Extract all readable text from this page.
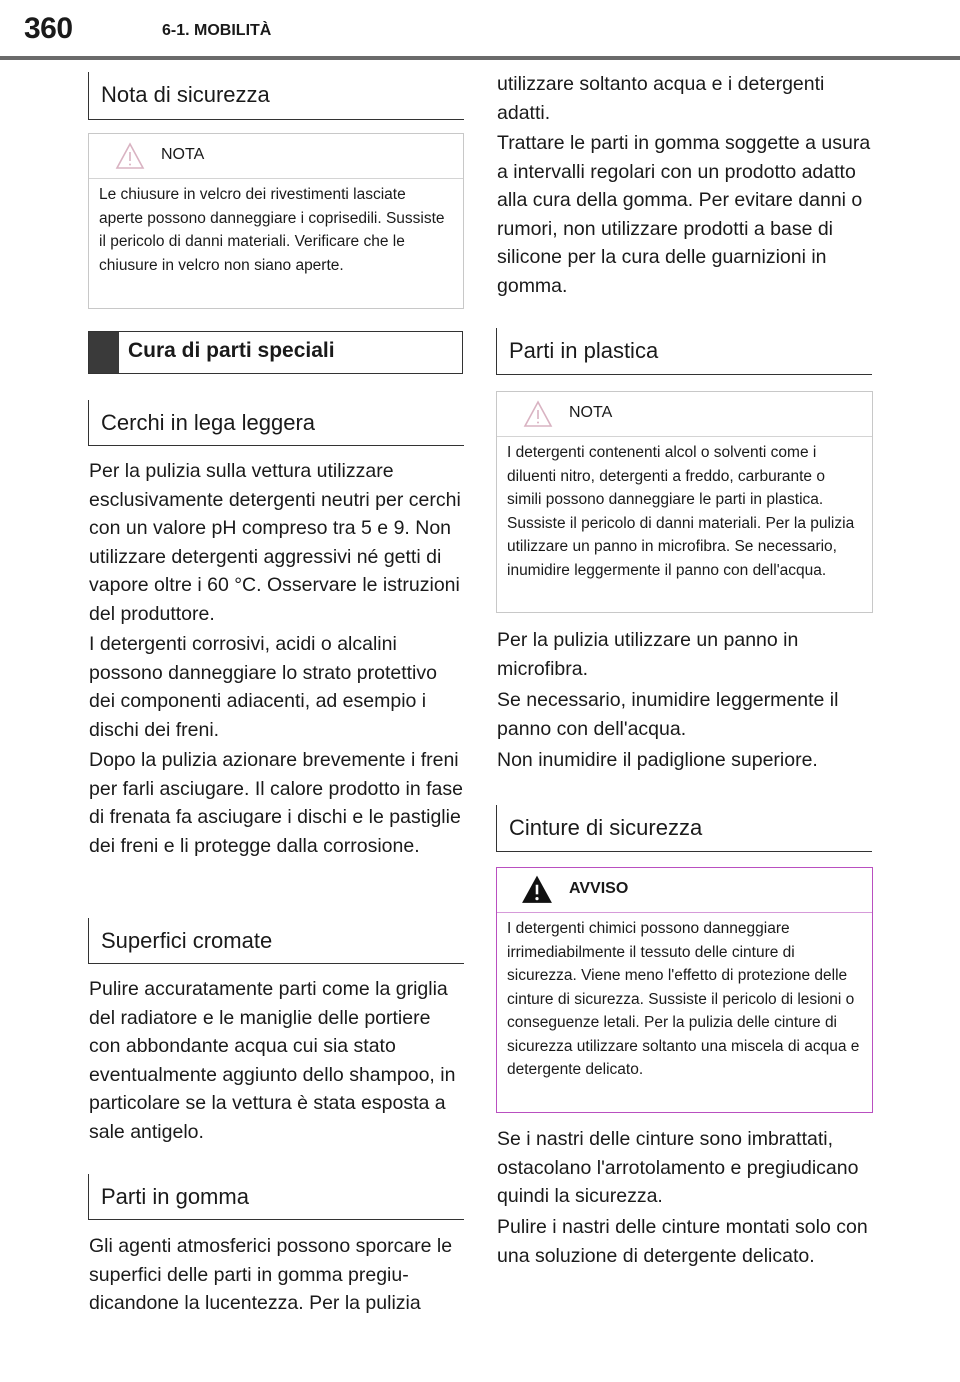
360	6-1. MOBILITÀ
Nota di sicurezza
NOTA
Le chiusure in velcro dei rivestimenti lasciate aperte possono danneggiare i coprisedili. Sussiste il pericolo di danni materiali. Verificare che le chiusure in velcro non siano aperte.
Cura di parti speciali
Cerchi in lega leggera
Per la pulizia sulla vettura utilizzare esclusivamente detergenti neutri per cerchi con un valore pH compreso tra 5 e 9. Non utilizzare detergenti aggressivi né getti di vapore oltre i 60 °C. Osservare le istruzioni del produttore.
I detergenti corrosivi, acidi o alcalini possono danneggiare lo strato protettivo dei componenti adiacenti, ad esempio i dischi dei freni.
Dopo la pulizia azionare brevemente i freni per farli asciugare. Il calore prodotto in fase di frenata fa asciugare i dischi e le pastiglie dei freni e li protegge dalla corrosione.
Superfici cromate
Pulire accuratamente parti come la griglia del radiatore e le maniglie delle portiere con abbondante acqua cui sia stato eventualmente aggiunto dello shampoo, in particolare se la vettura è stata esposta a sale antigelo.
Parti in gomma
Gli agenti atmosferici possono sporcare le superfici delle parti in gomma pregiudicandone la lucentezza. Per la pulizia
utilizzare soltanto acqua e i detergenti adatti.
Trattare le parti in gomma soggette a usura a intervalli regolari con un prodotto adatto alla cura della gomma. Per evitare danni o rumori, non utilizzare prodotti a base di silicone per la cura delle guarnizioni in gomma.
Parti in plastica
NOTA
I detergenti contenenti alcol o solventi come i diluenti nitro, detergenti a freddo, carburante o simili possono danneggiare le parti in plastica. Sussiste il pericolo di danni materiali. Per la pulizia utilizzare un panno in microfibra. Se necessario, inumidire leggermente il panno con dell'acqua.
Per la pulizia utilizzare un panno in microfibra.
Se necessario, inumidire leggermente il panno con dell'acqua.
Non inumidire il padiglione superiore.
Cinture di sicurezza
AVVISO
I detergenti chimici possono danneggiare irrimediabilmente il tessuto delle cinture di sicurezza. Viene meno l'effetto di protezione delle cinture di sicurezza. Sussiste il pericolo di lesioni o conseguenze letali. Per la pulizia delle cinture di sicurezza utilizzare soltanto una miscela di acqua e detergente delicato.
Se i nastri delle cinture sono imbrattati, ostacolano l'arrotolamento e pregiudicano quindi la sicurezza.
Pulire i nastri delle cinture montati solo con una soluzione di detergente delicato.
